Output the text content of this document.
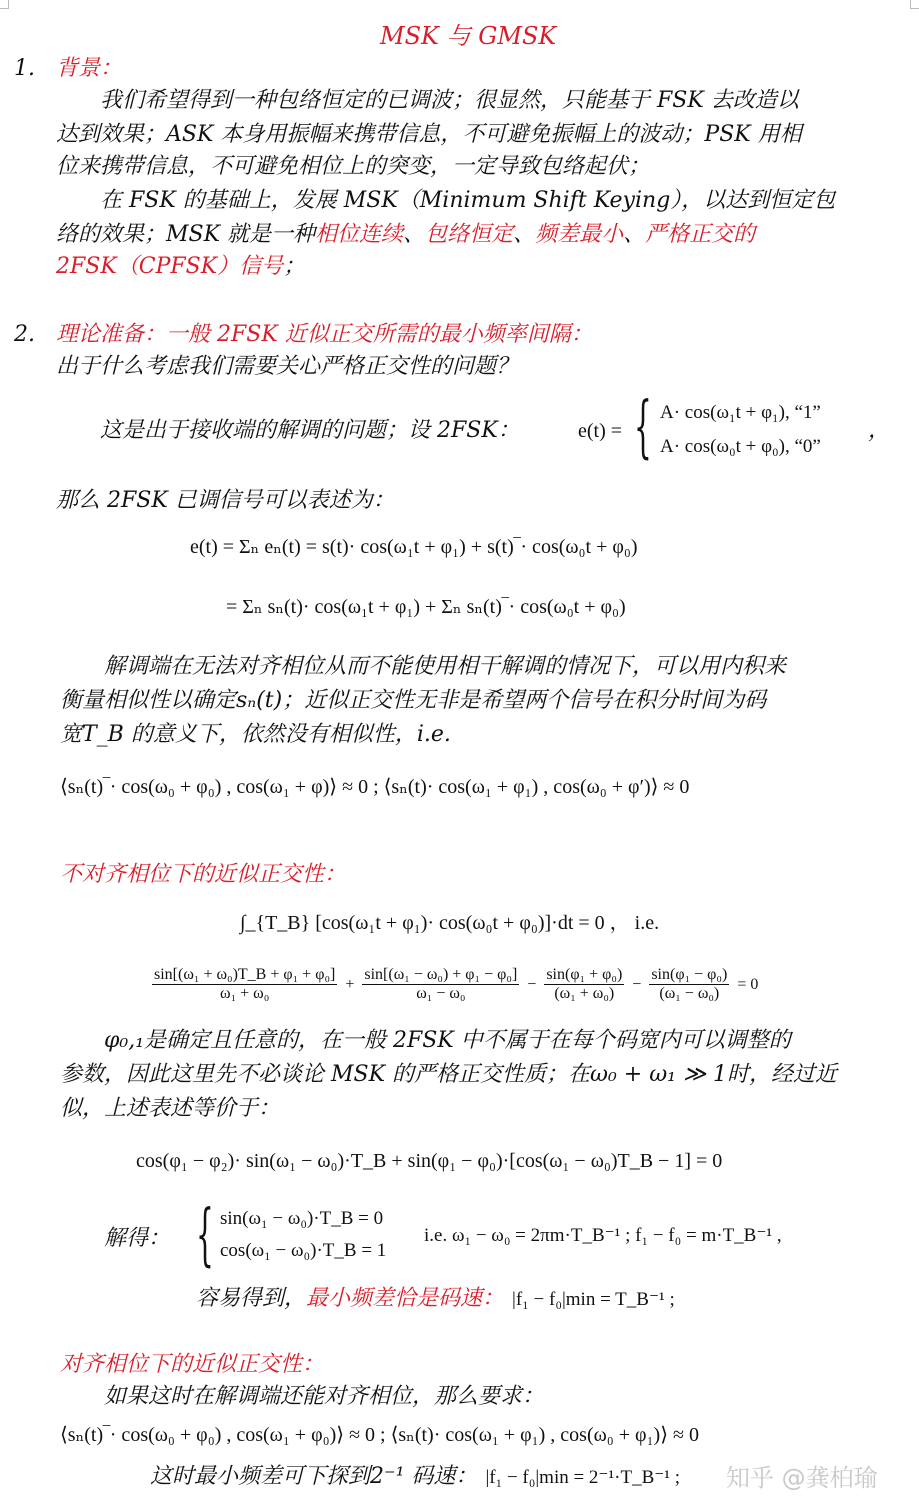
MSK 与 GMSK
1. 背景：
我们希望得到一种包络恒定的已调波；很显然，只能基于 FSK 去改造以
达到效果；ASK 本身用振幅来携带信息，不可避免振幅上的波动；PSK 用相
位来携带信息，不可避免相位上的突变，一定导致包络起伏；
在 FSK 的基础上，发展 MSK（Minimum Shift Keying），以达到恒定包
络的效果；MSK 就是一种相位连续、包络恒定、频差最小、严格正交的
2FSK（CPFSK）信号；
2. 理论准备：一般 2FSK 近似正交所需的最小频率间隔：
出于什么考虑我们需要关心严格正交性的问题？
这是出于接收端的解调的问题；设 2FSK：	e(t) = { A· cos(ω₁t + φ₁), “1”
A· cos(ω₀t + φ₀), “0”
，
那么 2FSK 已调信号可以表述为：
e(t) = Σₙ eₙ(t) = s(t)· cos(ω₁t + φ₁) + s(t)‾· cos(ω₀t + φ₀)
= Σₙ sₙ(t)· cos(ω₁t + φ₁) + Σₙ sₙ(t)‾· cos(ω₀t + φ₀)
解调端在无法对齐相位从而不能使用相干解调的情况下，可以用内积来
衡量相似性以确定sₙ(t)；近似正交性无非是希望两个信号在积分时间为码
宽T_B 的意义下，依然没有相似性，i.e.
⟨sₙ(t)‾· cos(ω₀ + φ₀) , cos(ω₁ + φ)⟩ ≈ 0 ; ⟨sₙ(t)· cos(ω₁ + φ₁) , cos(ω₀ + φ′)⟩ ≈ 0
不对齐相位下的近似正交性：
∫_{T_B} [cos(ω₁t + φ₁)· cos(ω₀t + φ₀)]·dt = 0 ， i.e.
$\frac{\text{sin[(ω₁ + ω₀)T\_B + φ₁ + φ₀]}}{\text{ω₁ + ω₀}} + \frac{\text{sin[(ω₁ − ω₀) + φ₁ − φ₀]}}{\text{ω₁ − ω₀}} - \frac{\text{sin(φ₁ + φ₀)}}{\text{(ω₁ + ω₀)}} - \frac{\text{sin(φ₁ − φ₀)}}{\text{(ω₁ − ω₀)}} = 0$
φ₀,₁是确定且任意的，在一般 2FSK 中不属于在每个码宽内可以调整的
参数，因此这里先不必谈论 MSK 的严格正交性质；在ω₀ + ω₁ ≫ 1时，经过近
似，上述表述等价于：
cos(φ₁ − φ₂)· sin(ω₁ − ω₀)·T_B + sin(φ₁ − φ₀)·[cos(ω₁ − ω₀)T_B − 1] = 0
解得： { sin(ω₁ − ω₀)·T_B = 0
cos(ω₁ − ω₀)·T_B = 1
i.e. ω₁ − ω₀ = 2πm·T_B⁻¹ ; f₁ − f₀ = m·T_B⁻¹ ,
容易得到，最小频差恰是码速： |f₁ − f₀|min = T_B⁻¹ ;
对齐相位下的近似正交性：
如果这时在解调端还能对齐相位，那么要求：
⟨sₙ(t)‾· cos(ω₀ + φ₀) , cos(ω₁ + φ₀)⟩ ≈ 0 ; ⟨sₙ(t)· cos(ω₁ + φ₁) , cos(ω₀ + φ₁)⟩ ≈ 0
这时最小频差可下探到2⁻¹ 码速： |f₁ − f₀|min = 2⁻¹·T_B⁻¹ ; 知乎 @龚柏瑜
